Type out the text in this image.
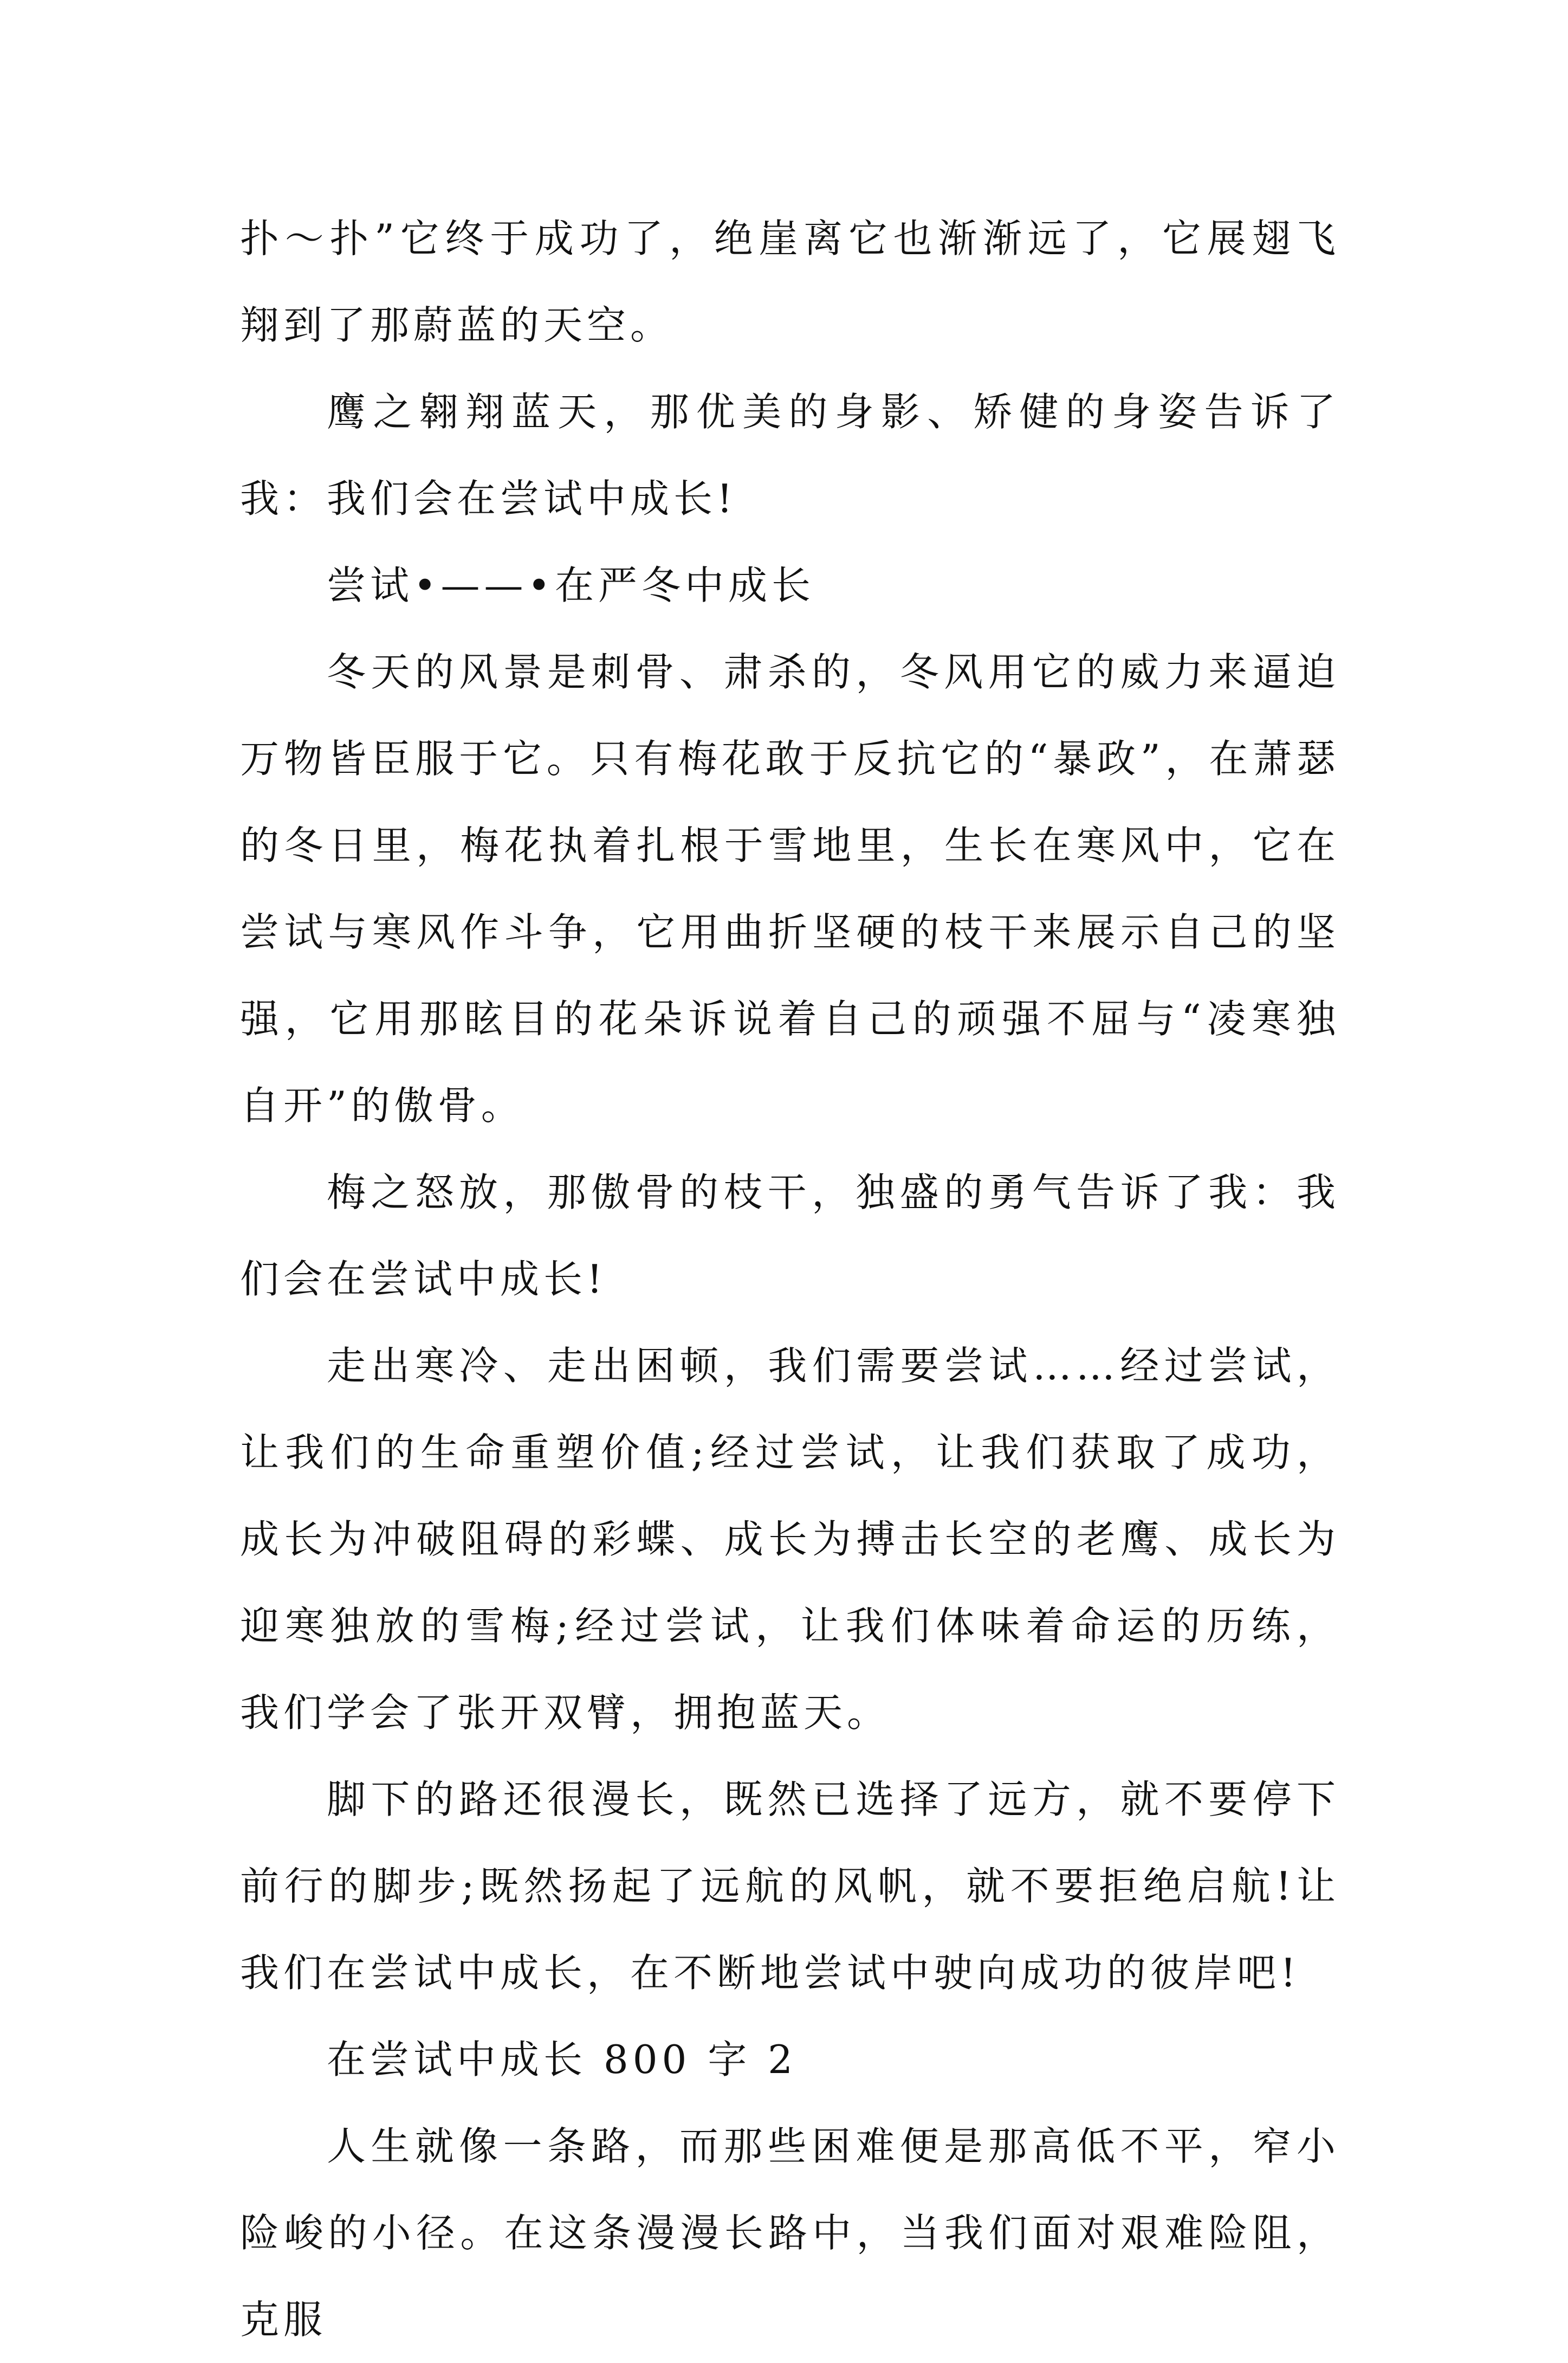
扑～扑”它终于成功了，绝崖离它也渐渐远了，它展翅飞翔到了那蔚蓝的天空。

鹰之翱翔蓝天，那优美的身影、矫健的身姿告诉了我：我们会在尝试中成长!

尝试•——•在严冬中成长

冬天的风景是刺骨、肃杀的，冬风用它的威力来逼迫万物皆臣服于它。只有梅花敢于反抗它的“暴政”，在萧瑟的冬日里，梅花执着扎根于雪地里，生长在寒风中，它在尝试与寒风作斗争，它用曲折坚硬的枝干来展示自己的坚强，它用那眩目的花朵诉说着自己的顽强不屈与“凌寒独自开”的傲骨。

梅之怒放，那傲骨的枝干，独盛的勇气告诉了我：我们会在尝试中成长!

走出寒冷、走出困顿，我们需要尝试……经过尝试，让我们的生命重塑价值;经过尝试，让我们获取了成功，成长为冲破阻碍的彩蝶、成长为搏击长空的老鹰、成长为迎寒独放的雪梅;经过尝试，让我们体味着命运的历练，我们学会了张开双臂，拥抱蓝天。

脚下的路还很漫长，既然已选择了远方，就不要停下前行的脚步;既然扬起了远航的风帆，就不要拒绝启航!让我们在尝试中成长，在不断地尝试中驶向成功的彼岸吧!

在尝试中成长 800 字 2

人生就像一条路，而那些困难便是那高低不平，窄小险峻的小径。在这条漫漫长路中，当我们面对艰难险阻，克服
